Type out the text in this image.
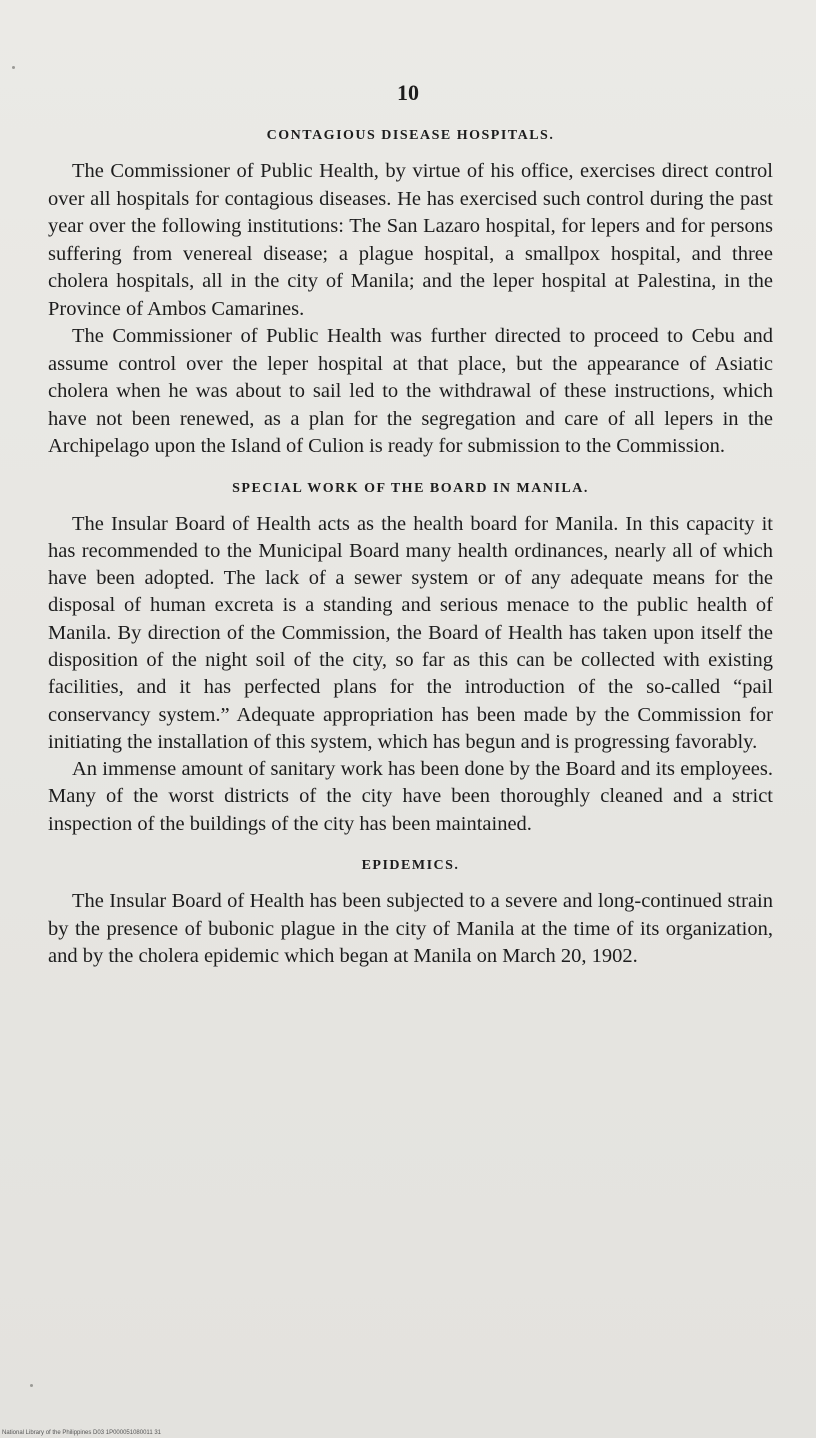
10
CONTAGIOUS DISEASE HOSPITALS.

The Commissioner of Public Health, by virtue of his office, exercises direct control over all hospitals for contagious diseases. He has exercised such control during the past year over the following institutions: The San Lazaro hospital, for lepers and for persons suffering from venereal disease; a plague hospital, a smallpox hospital, and three cholera hospitals, all in the city of Manila; and the leper hospital at Palestina, in the Province of Ambos Camarines.

The Commissioner of Public Health was further directed to proceed to Cebu and assume control over the leper hospital at that place, but the appearance of Asiatic cholera when he was about to sail led to the withdrawal of these instructions, which have not been renewed, as a plan for the segregation and care of all lepers in the Archipelago upon the Island of Culion is ready for submission to the Commission.

SPECIAL WORK OF THE BOARD IN MANILA.

The Insular Board of Health acts as the health board for Manila. In this capacity it has recommended to the Municipal Board many health ordinances, nearly all of which have been adopted. The lack of a sewer system or of any adequate means for the disposal of human excreta is a standing and serious menace to the public health of Manila. By direction of the Commission, the Board of Health has taken upon itself the disposition of the night soil of the city, so far as this can be collected with existing facilities, and it has perfected plans for the introduction of the so-called “pail conservancy system.” Adequate appropriation has been made by the Commission for initiating the installation of this system, which has begun and is progressing favorably.

An immense amount of sanitary work has been done by the Board and its employees. Many of the worst districts of the city have been thoroughly cleaned and a strict inspection of the buildings of the city has been maintained.

EPIDEMICS.

The Insular Board of Health has been subjected to a severe and long-continued strain by the presence of bubonic plague in the city of Manila at the time of its organization, and by the cholera epidemic which began at Manila on March 20, 1902.

National Library of the Philippines D03 1P000051080011 31
